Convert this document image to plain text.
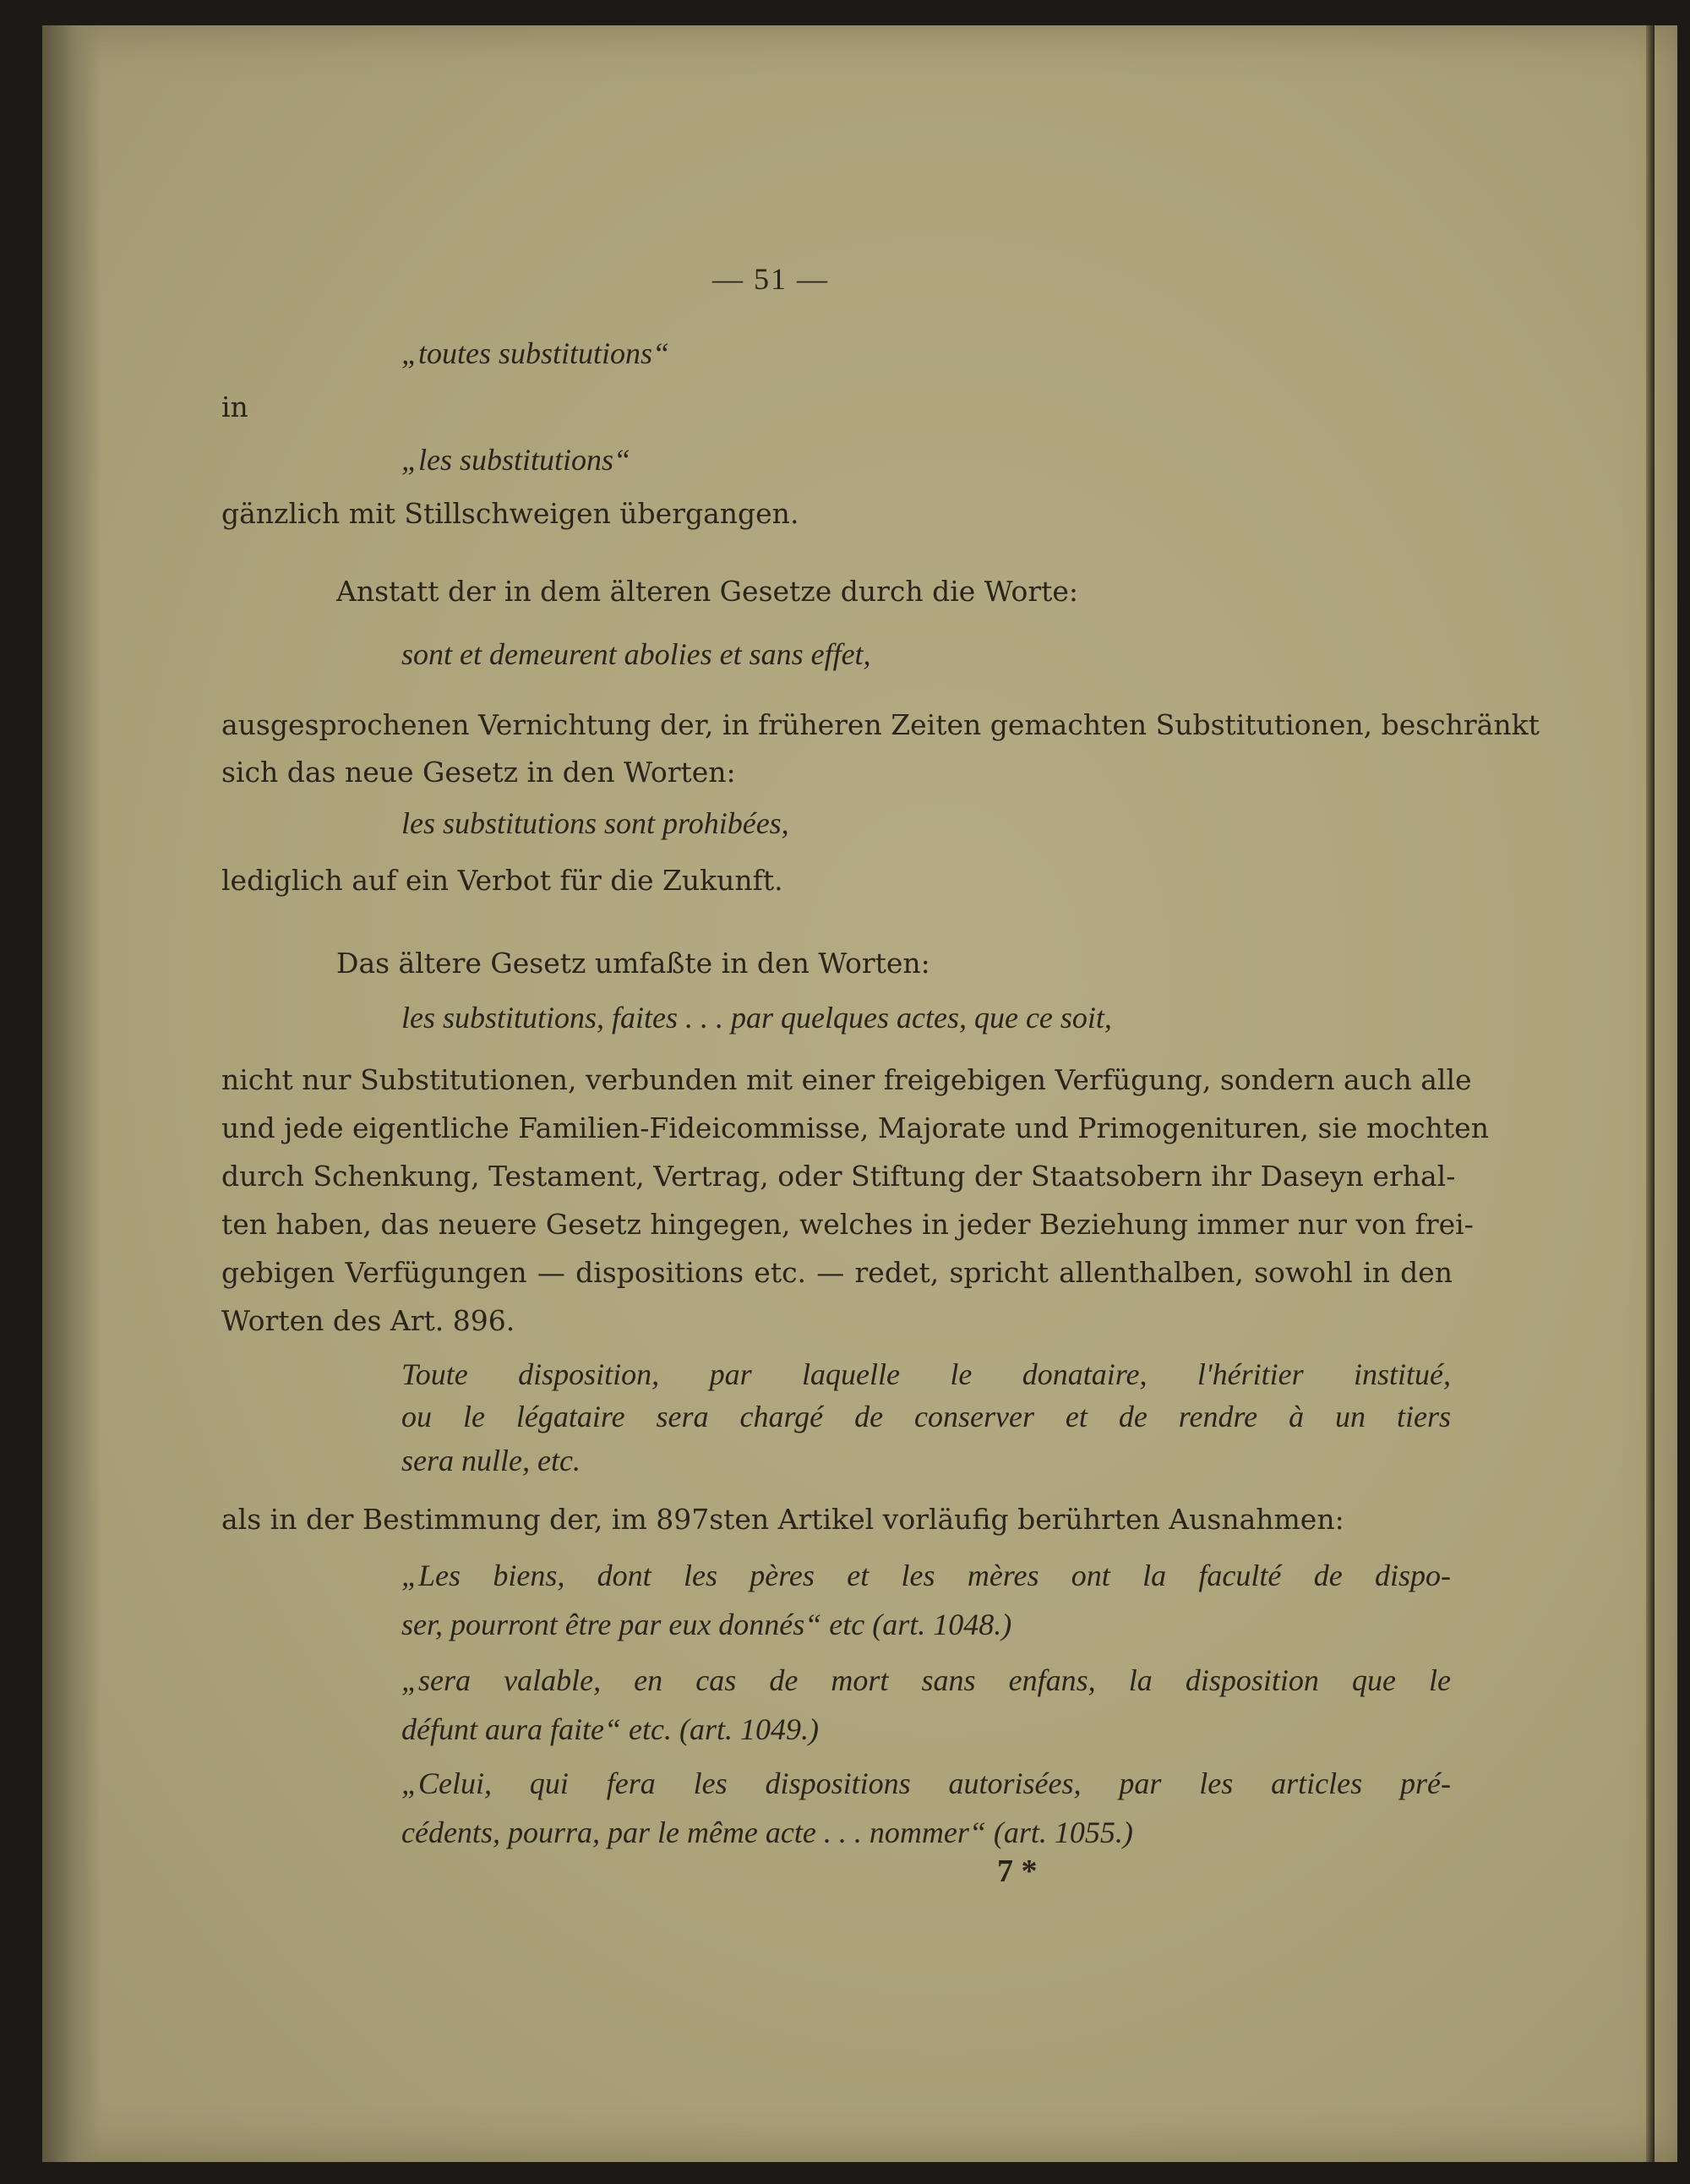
— 51 —

„toutes substitutions“

in

„les substitutions“

gänzlich mit Stillschweigen übergangen.

Anstatt der in dem älteren Gesetze durch die Worte:

sont et demeurent abolies et sans effet,

ausgesprochenen Vernichtung der, in früheren Zeiten gemachten Substitutionen, beschränkt

sich das neue Gesetz in den Worten:

les substitutions sont prohibées,

lediglich auf ein Verbot für die Zukunft.

Das ältere Gesetz umfaßte in den Worten:

les substitutions, faites . . . par quelques actes, que ce soit,

nicht nur Substitutionen, verbunden mit einer freigebigen Verfügung, sondern auch alle

und jede eigentliche Familien-Fideicommisse, Majorate und Primogenituren, sie mochten

durch Schenkung, Testament, Vertrag, oder Stiftung der Staatsobern ihr Daseyn erhal-

ten haben, das neuere Gesetz hingegen, welches in jeder Beziehung immer nur von frei-

gebigen Verfügungen — dispositions etc. — redet, spricht allenthalben, sowohl in den

Worten des Art. 896.

Toute disposition, par laquelle le donataire, l'héritier institué,

ou le légataire sera chargé de conserver et de rendre à un tiers

sera nulle, etc.

als in der Bestimmung der, im 897sten Artikel vorläufig berührten Ausnahmen:

„Les biens, dont les pères et les mères ont la faculté de dispo-

ser, pourront être par eux donnés“ etc (art. 1048.)

„sera valable, en cas de mort sans enfans, la disposition que le

défunt aura faite“ etc. (art. 1049.)

„Celui, qui fera les dispositions autorisées, par les articles pré-

cédents, pourra, par le même acte . . . nommer“ (art. 1055.)

7 *
